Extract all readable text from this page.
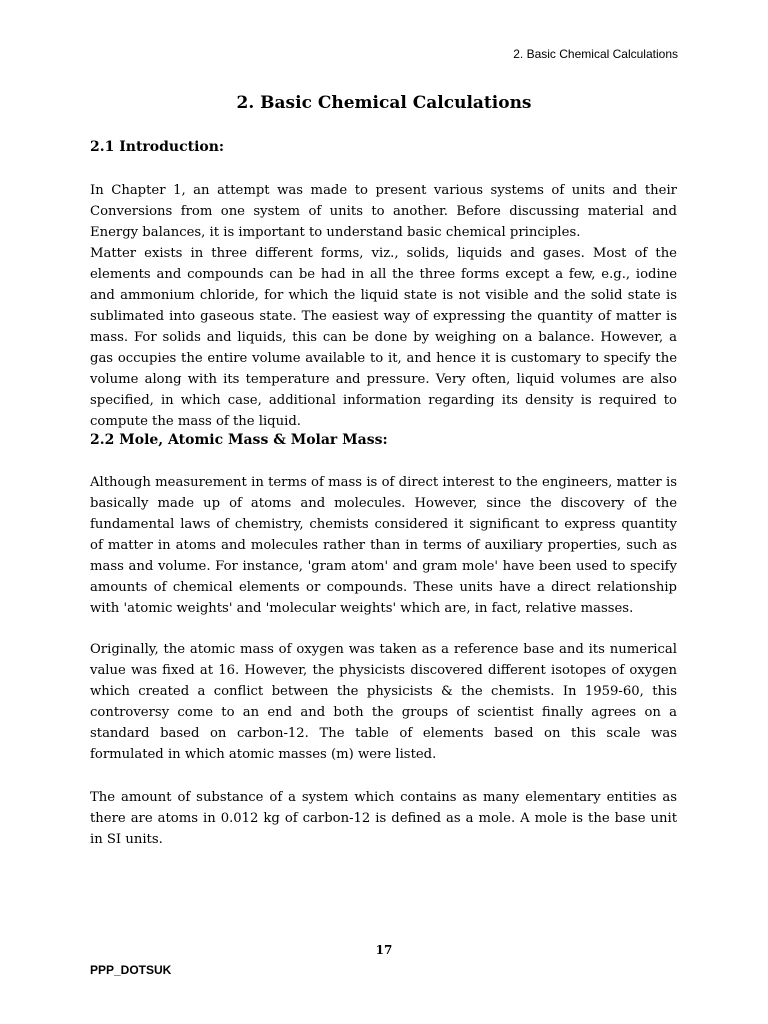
2. Basic Chemical Calculations
2. Basic Chemical Calculations
2.1 Introduction:

In Chapter 1, an attempt was made to present various systems of units and their Conversions from one system of units to another. Before discussing material and Energy balances, it is important to understand basic chemical principles.

Matter exists in three different forms, viz., solids, liquids and gases. Most of the elements and compounds can be had in all the three forms except a few, e.g., iodine and ammonium chloride, for which the liquid state is not visible and the solid state is sublimated into gaseous state. The easiest way of expressing the quantity of matter is mass. For solids and liquids, this can be done by weighing on a balance. However, a gas occupies the entire volume available to it, and hence it is customary to specify the volume along with its temperature and pressure. Very often, liquid volumes are also specified, in which case, additional information regarding its density is required to compute the mass of the liquid.

2.2 Mole, Atomic Mass & Molar Mass:

Although measurement in terms of mass is of direct interest to the engineers, matter is basically made up of atoms and molecules. However, since the discovery of the fundamental laws of chemistry, chemists considered it significant to express quantity of matter in atoms and molecules rather than in terms of auxiliary properties, such as mass and volume. For instance, 'gram atom' and gram mole' have been used to specify amounts of chemical elements or compounds. These units have a direct relationship with 'atomic weights' and 'molecular weights' which are, in fact, relative masses.

Originally, the atomic mass of oxygen was taken as a reference base and its numerical value was fixed at 16. However, the physicists discovered different isotopes of oxygen which created a conflict between the physicists & the chemists. In 1959-60, this controversy come to an end and both the groups of scientist finally agrees on a standard based on carbon-12. The table of elements based on this scale was formulated in which atomic masses (m) were listed.

The amount of substance of a system which contains as many elementary entities as there are atoms in 0.012 kg of carbon-12 is defined as a mole. A mole is the base unit in SI units.

17
PPP_DOTSUK
